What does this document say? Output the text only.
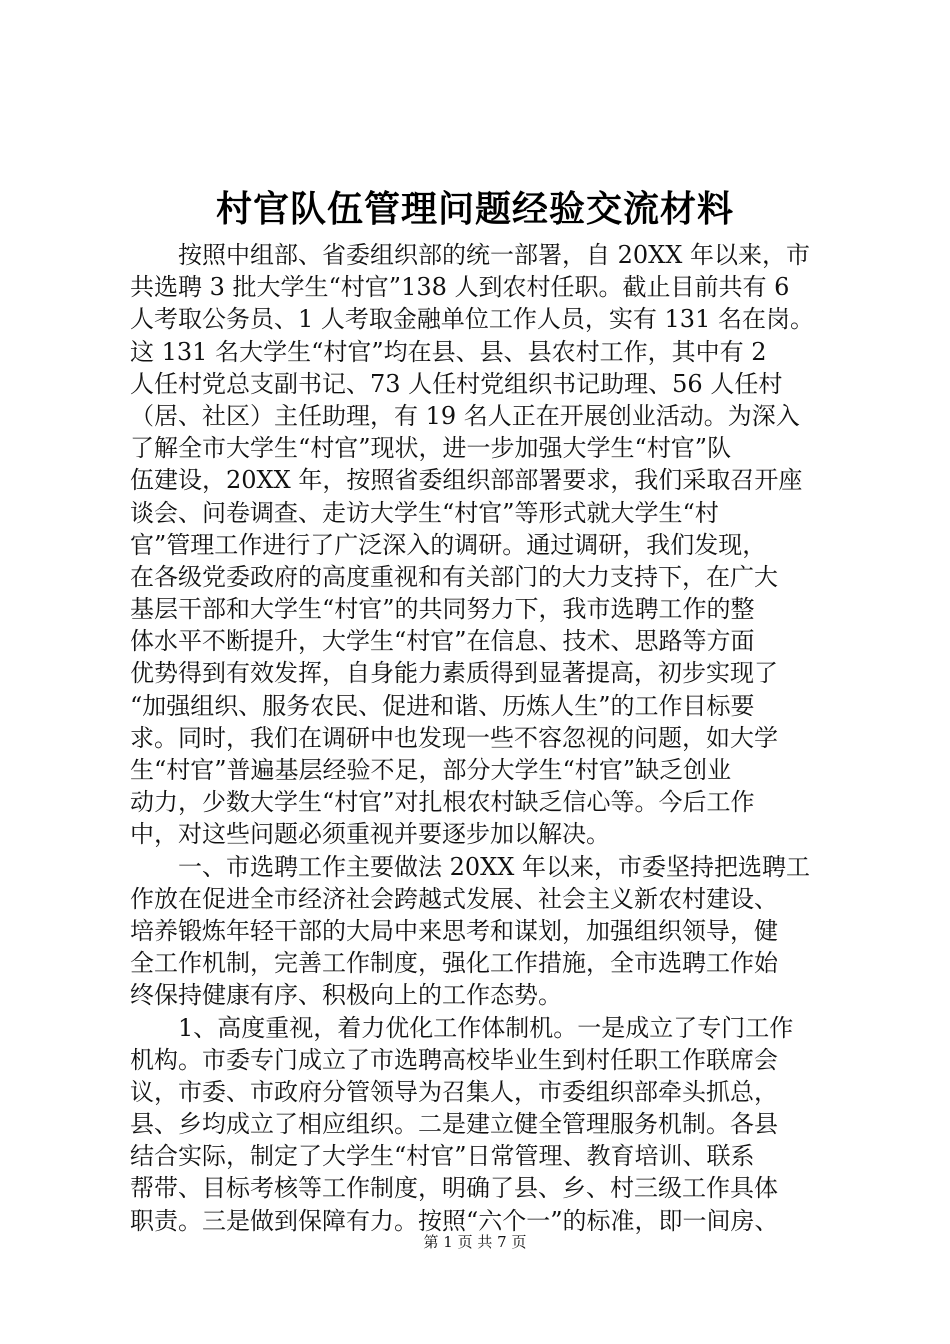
村官队伍管理问题经验交流材料
按照中组部、省委组织部的统一部署，自 20XX 年以来，市
共选聘 3 批大学生“村官”138 人到农村任职。截止目前共有 6
人考取公务员、1 人考取金融单位工作人员，实有 131 名在岗。
这 131 名大学生“村官”均在县、县、县农村工作，其中有 2
人任村党总支副书记、73 人任村党组织书记助理、56 人任村
（居、社区）主任助理，有 19 名人正在开展创业活动。为深入
了解全市大学生“村官”现状，进一步加强大学生“村官”队
伍建设，20XX 年，按照省委组织部部署要求，我们采取召开座
谈会、问卷调查、走访大学生“村官”等形式就大学生“村
官”管理工作进行了广泛深入的调研。通过调研，我们发现，
在各级党委政府的高度重视和有关部门的大力支持下，在广大
基层干部和大学生“村官”的共同努力下，我市选聘工作的整
体水平不断提升，大学生“村官”在信息、技术、思路等方面
优势得到有效发挥，自身能力素质得到显著提高，初步实现了
“加强组织、服务农民、促进和谐、历炼人生”的工作目标要
求。同时，我们在调研中也发现一些不容忽视的问题，如大学
生“村官”普遍基层经验不足，部分大学生“村官”缺乏创业
动力，少数大学生“村官”对扎根农村缺乏信心等。今后工作
中，对这些问题必须重视并要逐步加以解决。
一、市选聘工作主要做法 20XX 年以来，市委坚持把选聘工
作放在促进全市经济社会跨越式发展、社会主义新农村建设、
培养锻炼年轻干部的大局中来思考和谋划，加强组织领导，健
全工作机制，完善工作制度，强化工作措施，全市选聘工作始
终保持健康有序、积极向上的工作态势。
1、高度重视，着力优化工作体制机。一是成立了专门工作
机构。市委专门成立了市选聘高校毕业生到村任职工作联席会
议，市委、市政府分管领导为召集人，市委组织部牵头抓总，
县、乡均成立了相应组织。二是建立健全管理服务机制。各县
结合实际，制定了大学生“村官”日常管理、教育培训、联系
帮带、目标考核等工作制度，明确了县、乡、村三级工作具体
职责。三是做到保障有力。按照“六个一”的标准，即一间房、
第 1 页 共 7 页
